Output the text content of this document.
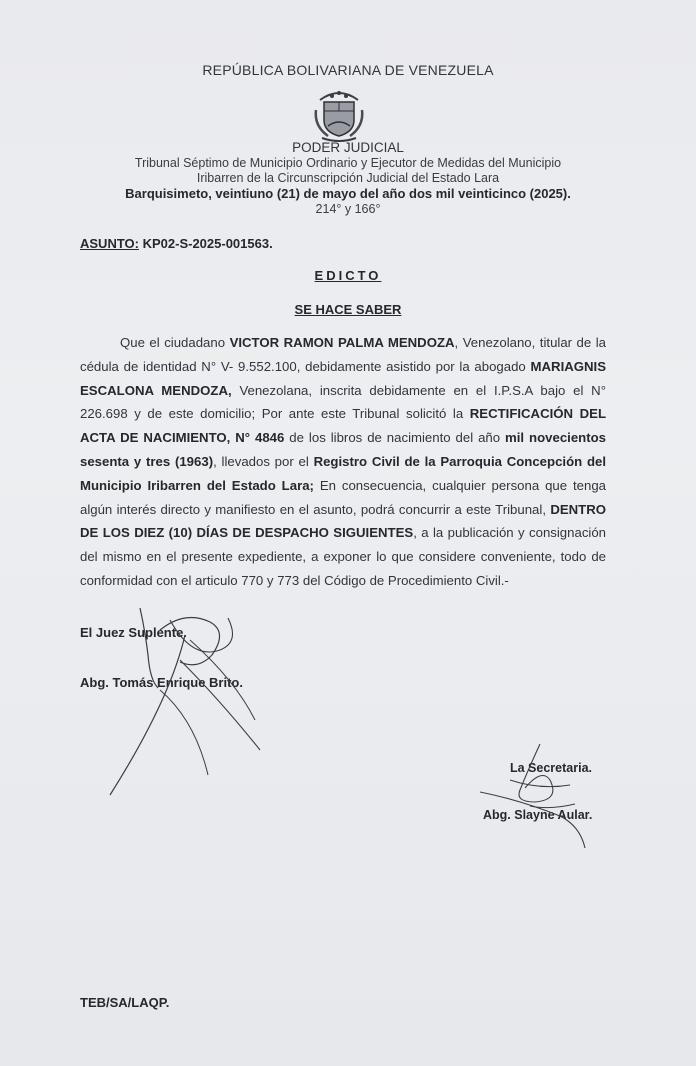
REPÚBLICA BOLIVARIANA DE VENEZUELA
PODER JUDICIAL
Tribunal Séptimo de Municipio Ordinario y Ejecutor de Medidas del Municipio
Iribarren de la Circunscripción Judicial del Estado Lara
Barquisimeto, veintiuno (21) de mayo del año dos mil veinticinco (2025).
214° y 166°
ASUNTO: KP02-S-2025-001563.
EDICTO
SE HACE SABER
Que el ciudadano VICTOR RAMON PALMA MENDOZA, Venezolano, titular de la cédula de identidad N° V- 9.552.100, debidamente asistido por la abogado MARIAGNIS ESCALONA MENDOZA, Venezolana, inscrita debidamente en el I.P.S.A bajo el N° 226.698 y de este domicilio; Por ante este Tribunal solicitó la RECTIFICACIÓN DEL ACTA DE NACIMIENTO, N° 4846 de los libros de nacimiento del año mil novecientos sesenta y tres (1963), llevados por el Registro Civil de la Parroquia Concepción del Municipio Iribarren del Estado Lara; En consecuencia, cualquier persona que tenga algún interés directo y manifiesto en el asunto, podrá concurrir a este Tribunal, DENTRO DE LOS DIEZ (10) DÍAS DE DESPACHO SIGUIENTES, a la publicación y consignación del mismo en el presente expediente, a exponer lo que considere conveniente, todo de conformidad con el articulo 770 y 773 del Código de Procedimiento Civil.-
El Juez Suplente.
Abg. Tomás Enrique Brito.
La Secretaria.
Abg. Slayne Aular.
TEB/SA/LAQP.
